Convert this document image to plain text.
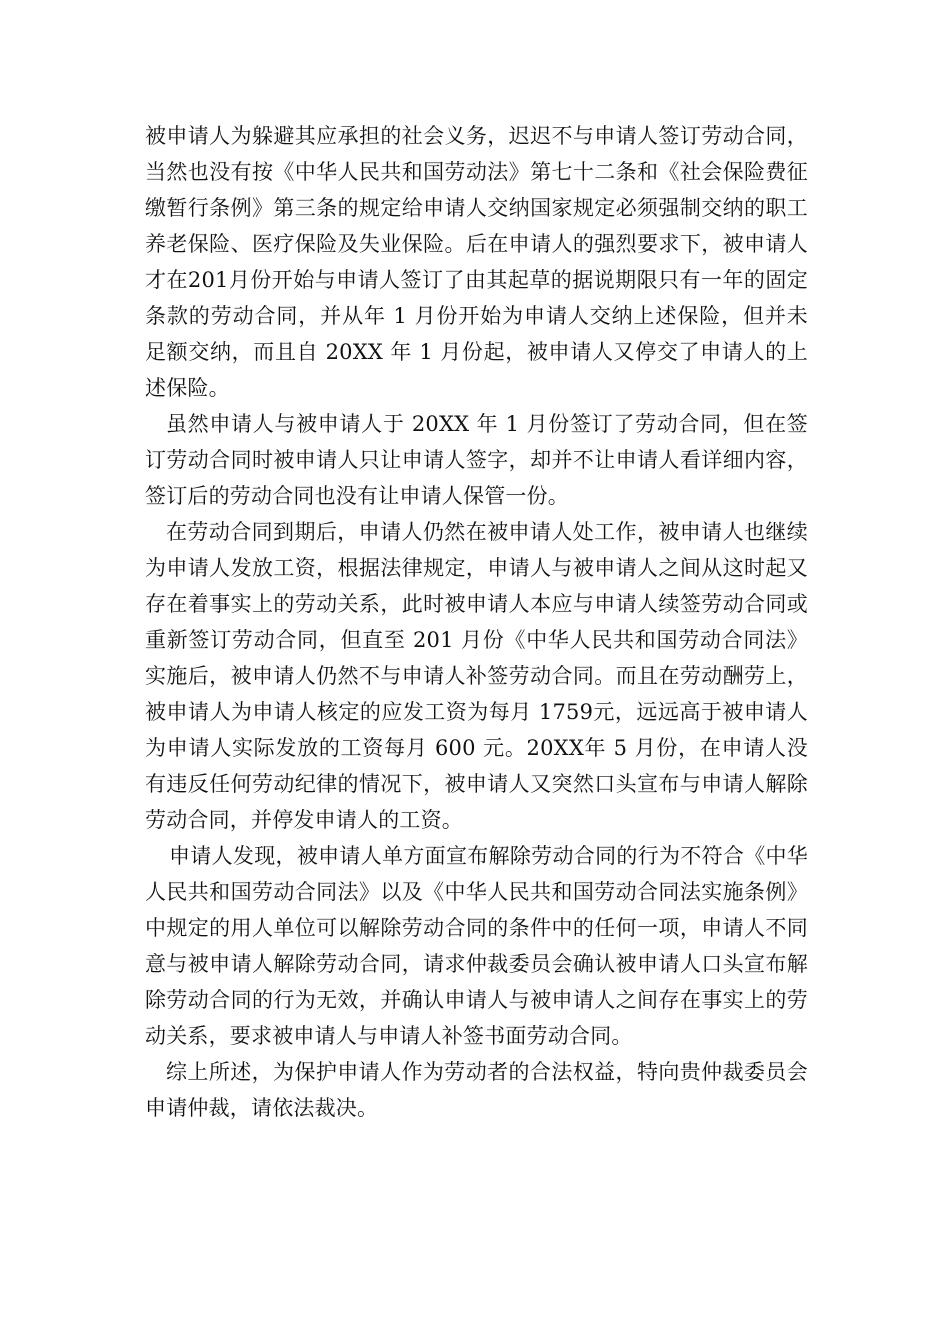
被申请人为躲避其应承担的社会义务，迟迟不与申请人签订劳动合同，当然也没有按《中华人民共和国劳动法》第七十二条和《社会保险费征缴暂行条例》第三条的规定给申请人交纳国家规定必须强制交纳的职工养老保险、医疗保险及失业保险。后在申请人的强烈要求下，被申请人才在201月份开始与申请人签订了由其起草的据说期限只有一年的固定条款的劳动合同，并从年 1 月份开始为申请人交纳上述保险，但并未足额交纳，而且自 20XX 年 1 月份起，被申请人又停交了申请人的上述保险。

虽然申请人与被申请人于 20XX 年 1 月份签订了劳动合同，但在签订劳动合同时被申请人只让申请人签字，却并不让申请人看详细内容，签订后的劳动合同也没有让申请人保管一份。

在劳动合同到期后，申请人仍然在被申请人处工作，被申请人也继续为申请人发放工资，根据法律规定，申请人与被申请人之间从这时起又存在着事实上的劳动关系，此时被申请人本应与申请人续签劳动合同或重新签订劳动合同，但直至 201 月份《中华人民共和国劳动合同法》实施后，被申请人仍然不与申请人补签劳动合同。而且在劳动酬劳上，被申请人为申请人核定的应发工资为每月 1759元，远远高于被申请人为申请人实际发放的工资每月 600 元。20XX年 5 月份，在申请人没有违反任何劳动纪律的情况下，被申请人又突然口头宣布与申请人解除劳动合同，并停发申请人的工资。

申请人发现，被申请人单方面宣布解除劳动合同的行为不符合《中华人民共和国劳动合同法》以及《中华人民共和国劳动合同法实施条例》中规定的用人单位可以解除劳动合同的条件中的任何一项，申请人不同意与被申请人解除劳动合同，请求仲裁委员会确认被申请人口头宣布解除劳动合同的行为无效，并确认申请人与被申请人之间存在事实上的劳动关系，要求被申请人与申请人补签书面劳动合同。

综上所述，为保护申请人作为劳动者的合法权益，特向贵仲裁委员会申请仲裁，请依法裁决。
